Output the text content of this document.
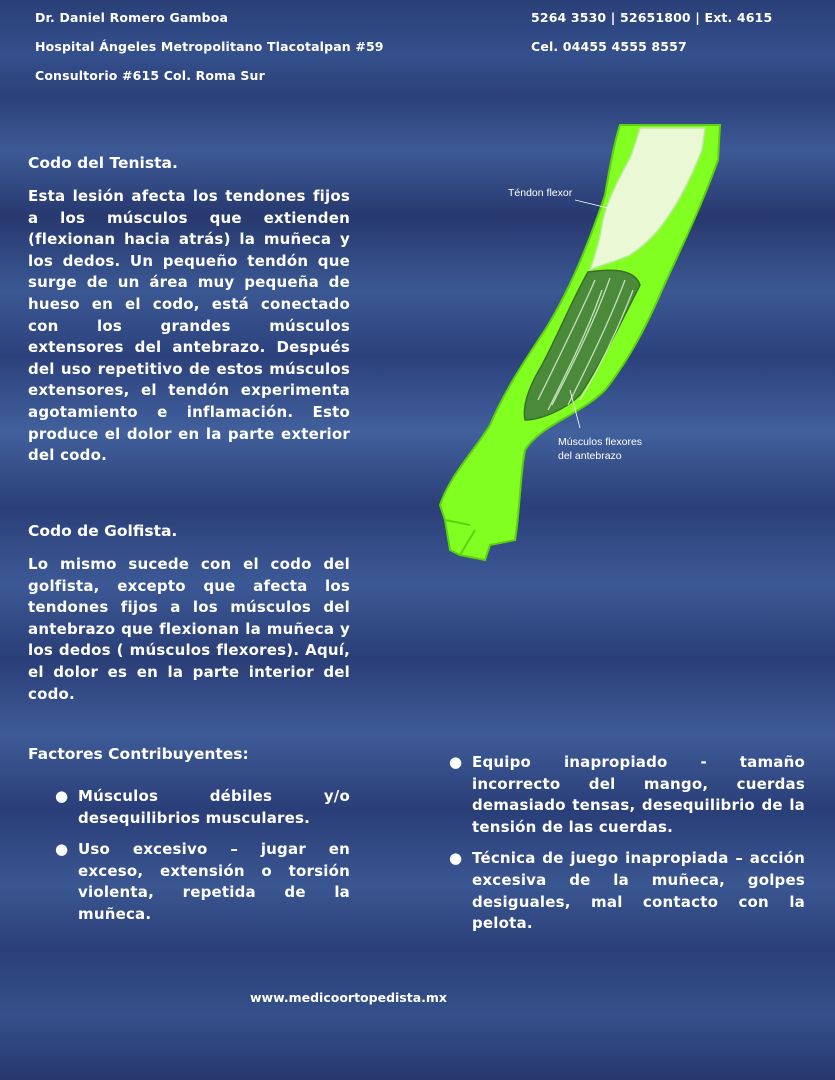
Dr. Daniel Romero Gamboa
Hospital Ángeles Metropolitano Tlacotalpan #59
Consultorio #615 Col. Roma Sur
5264 3530 | 52651800 | Ext. 4615
Cel. 04455 4555 8557
Codo del Tenista.

Esta lesión afecta los tendones fijos a los músculos que extienden (flexionan hacia atrás) la muñeca y los dedos. Un pequeño tendón que surge de un área muy pequeña de hueso en el codo, está conectado con los grandes músculos extensores del antebrazo. Después del uso repetitivo de estos músculos extensores, el tendón experimenta agotamiento e inflamación. Esto produce el dolor en la parte exterior del codo.

Codo de Golfista.

Lo mismo sucede con el codo del golfista, excepto que afecta los tendones fijos a los músculos del antebrazo que flexionan la muñeca y los dedos ( músculos flexores). Aquí, el dolor es en la parte interior del codo.

Factores Contribuyentes:
● Músculos débiles y/o desequilibrios musculares.
● Uso excesivo – jugar en exceso, extensión o torsión violenta, repetida de la muñeca.
● Equipo inapropiado - tamaño incorrecto del mango, cuerdas demasiado tensas, desequilibrio de la tensión de las cuerdas.
● Técnica de juego inapropiada – acción excesiva de la muñeca, golpes desiguales, mal contacto con la pelota.
Téndon flexor
Músculos flexores
del antebrazo
www.medicoortopedista.mx
